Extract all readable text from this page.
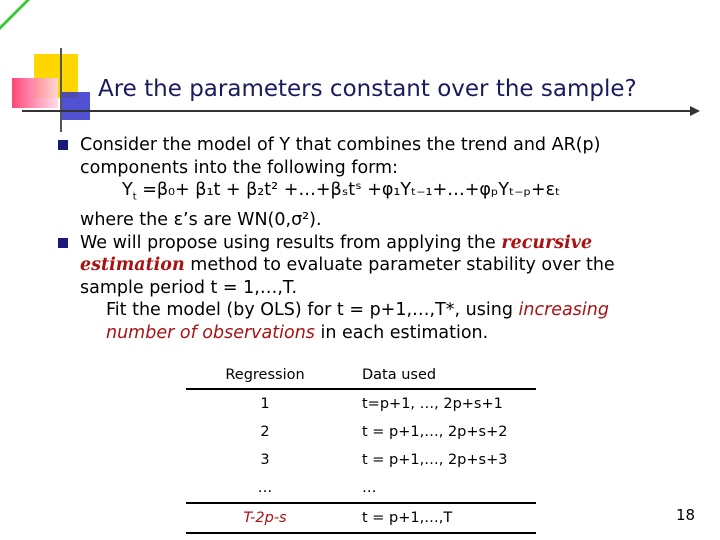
Are the parameters constant over the sample?
Consider the model of Y that combines the trend and AR(p)
components into the following form:
$Y_t =\beta_0+ \beta_1t + \beta_2t^2$ +…+βₛtˢ +φ₁Yₜ₋₁+…+φₚYₜ₋ₚ+εₜ
where the ε’s are WN(0,σ²).
We will propose using results from applying the recursive
estimation method to evaluate parameter stability over the
sample period t = 1,…,T.
Fit the model (by OLS) for t = p+1,…,T*, using increasing
number of observations in each estimation.
Regression	Data used
1	t=p+1, …, 2p+s+1
2	t = p+1,…, 2p+s+2
3	t = p+1,…, 2p+s+3
…	…
T-2p-s	t = p+1,…,T	18
